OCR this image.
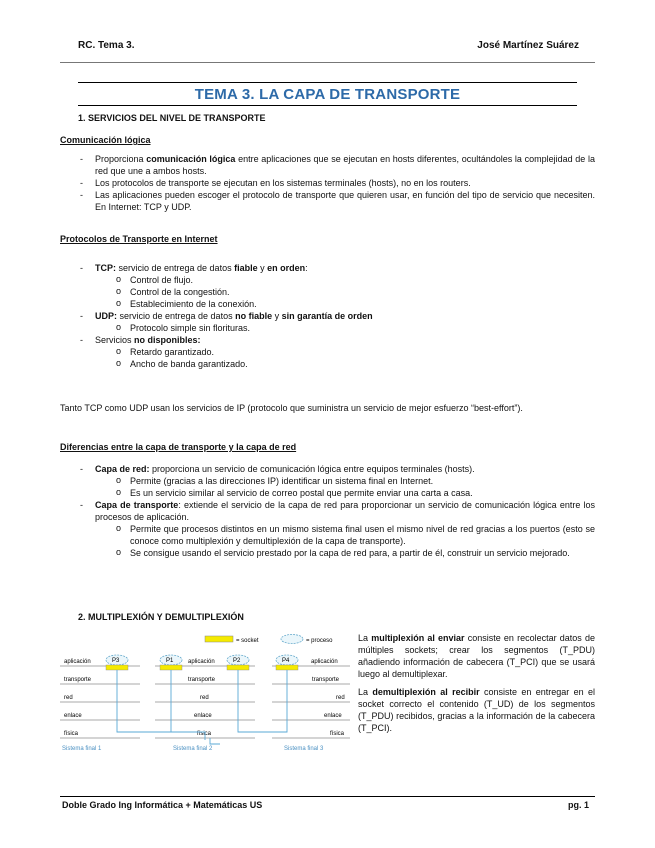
RC. Tema 3.	José Martínez Suárez
TEMA 3. LA CAPA DE TRANSPORTE
1. SERVICIOS DEL NIVEL DE TRANSPORTE
Comunicación lógica
- Proporciona comunicación lógica entre aplicaciones que se ejecutan en hosts diferentes, ocultándoles la complejidad de la red que une a ambos hosts.
- Los protocolos de transporte se ejecutan en los sistemas terminales (hosts), no en los routers.
- Las aplicaciones pueden escoger el protocolo de transporte que quieren usar, en función del tipo de servicio que necesiten. En Internet: TCP y UDP.
Protocolos de Transporte en Internet
- TCP: servicio de entrega de datos fiable y en orden:
o Control de flujo.
o Control de la congestión.
o Establecimiento de la conexión.
- UDP: servicio de entrega de datos no fiable y sin garantía de orden
o Protocolo simple sin florituras.
- Servicios no disponibles:
o Retardo garantizado.
o Ancho de banda garantizado.
Tanto TCP como UDP usan los servicios de IP (protocolo que suministra un servicio de mejor esfuerzo “best-effort”).
Diferencias entre la capa de transporte y la capa de red
- Capa de red: proporciona un servicio de comunicación lógica entre equipos terminales (hosts).
o Permite (gracias a las direcciones IP) identificar un sistema final en Internet.
o Es un servicio similar al servicio de correo postal que permite enviar una carta a casa.
- Capa de transporte: extiende el servicio de la capa de red para proporcionar un servicio de comunicación lógica entre los procesos de aplicación.
o Permite que procesos distintos en un mismo sistema final usen el mismo nivel de red gracias a los puertos (esto se conoce como multiplexión y demultiplexión de la capa de transporte).
o Se consigue usando el servicio prestado por la capa de red para, a partir de él, construir un servicio mejorado.
2. MULTIPLEXIÓN Y DEMULTIPLEXIÓN
= socket	= proceso
aplicación
transporte
red
enlace
física
P3
Sistema final 1
aplicación
transporte
red
enlace
física
P1	P2
Sistema final 2
aplicación
transporte
red
enlace
física
P4
Sistema final 3
La multiplexión al enviar consiste en recolectar datos de múltiples sockets; crear los segmentos (T_PDU) añadiendo información de cabecera (T_PCI) que se usará luego al demultiplexar.
La demultiplexión al recibir consiste en entregar en el socket correcto el contenido (T_UD) de los segmentos (T_PDU) recibidos, gracias a la información de la cabecera (T_PCI).
Doble Grado Ing Informática + Matemáticas US	pg. 1
